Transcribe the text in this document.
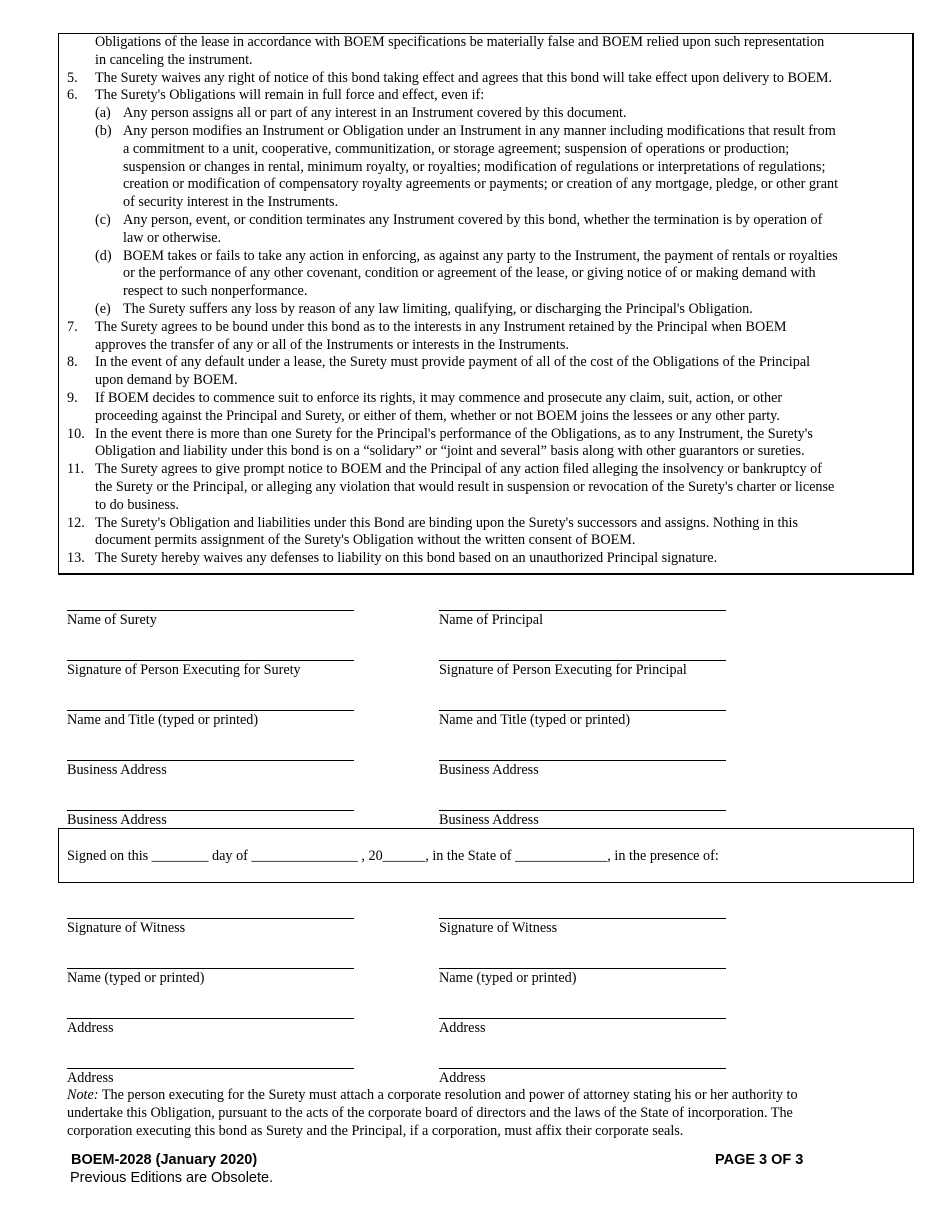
Obligations of the lease in accordance with BOEM specifications be materially false and BOEM relied upon such representation
in canceling the instrument.
5. The Surety waives any right of notice of this bond taking effect and agrees that this bond will take effect upon delivery to BOEM.
6. The Surety's Obligations will remain in full force and effect, even if:
(a) Any person assigns all or part of any interest in an Instrument covered by this document.
(b) Any person modifies an Instrument or Obligation under an Instrument in any manner including modifications that result from
a commitment to a unit, cooperative, communitization, or storage agreement; suspension of operations or production;
suspension or changes in rental, minimum royalty, or royalties; modification of regulations or interpretations of regulations;
creation or modification of compensatory royalty agreements or payments; or creation of any mortgage, pledge, or other grant
of security interest in the Instruments.
(c) Any person, event, or condition terminates any Instrument covered by this bond, whether the termination is by operation of
law or otherwise.
(d) BOEM takes or fails to take any action in enforcing, as against any party to the Instrument, the payment of rentals or royalties
or the performance of any other covenant, condition or agreement of the lease, or giving notice of or making demand with
respect to such nonperformance.
(e) The Surety suffers any loss by reason of any law limiting, qualifying, or discharging the Principal's Obligation.
7. The Surety agrees to be bound under this bond as to the interests in any Instrument retained by the Principal when BOEM
approves the transfer of any or all of the Instruments or interests in the Instruments.
8. In the event of any default under a lease, the Surety must provide payment of all of the cost of the Obligations of the Principal
upon demand by BOEM.
9. If BOEM decides to commence suit to enforce its rights, it may commence and prosecute any claim, suit, action, or other
proceeding against the Principal and Surety, or either of them, whether or not BOEM joins the lessees or any other party.
10. In the event there is more than one Surety for the Principal's performance of the Obligations, as to any Instrument, the Surety's
Obligation and liability under this bond is on a “solidary” or “joint and several” basis along with other guarantors or sureties.
11. The Surety agrees to give prompt notice to BOEM and the Principal of any action filed alleging the insolvency or bankruptcy of
the Surety or the Principal, or alleging any violation that would result in suspension or revocation of the Surety's charter or license
to do business.
12. The Surety's Obligation and liabilities under this Bond are binding upon the Surety's successors and assigns. Nothing in this
document permits assignment of the Surety's Obligation without the written consent of BOEM.
13. The Surety hereby waives any defenses to liability on this bond based on an unauthorized Principal signature.
Name of Surety	Name of Principal
Signature of Person Executing for Surety	Signature of Person Executing for Principal
Name and Title (typed or printed)	Name and Title (typed or printed)
Business Address	Business Address
Business Address	Business Address
Signed on this ________ day of _______________ , 20______, in the State of _____________, in the presence of:
Signature of Witness	Signature of Witness
Name (typed or printed)	Name (typed or printed)
Address	Address
Address	Address
Note: The person executing for the Surety must attach a corporate resolution and power of attorney stating his or her authority to
undertake this Obligation, pursuant to the acts of the corporate board of directors and the laws of the State of incorporation. The
corporation executing this bond as Surety and the Principal, if a corporation, must affix their corporate seals.
BOEM-2028 (January 2020)
Previous Editions are Obsolete.
PAGE 3 OF 3
